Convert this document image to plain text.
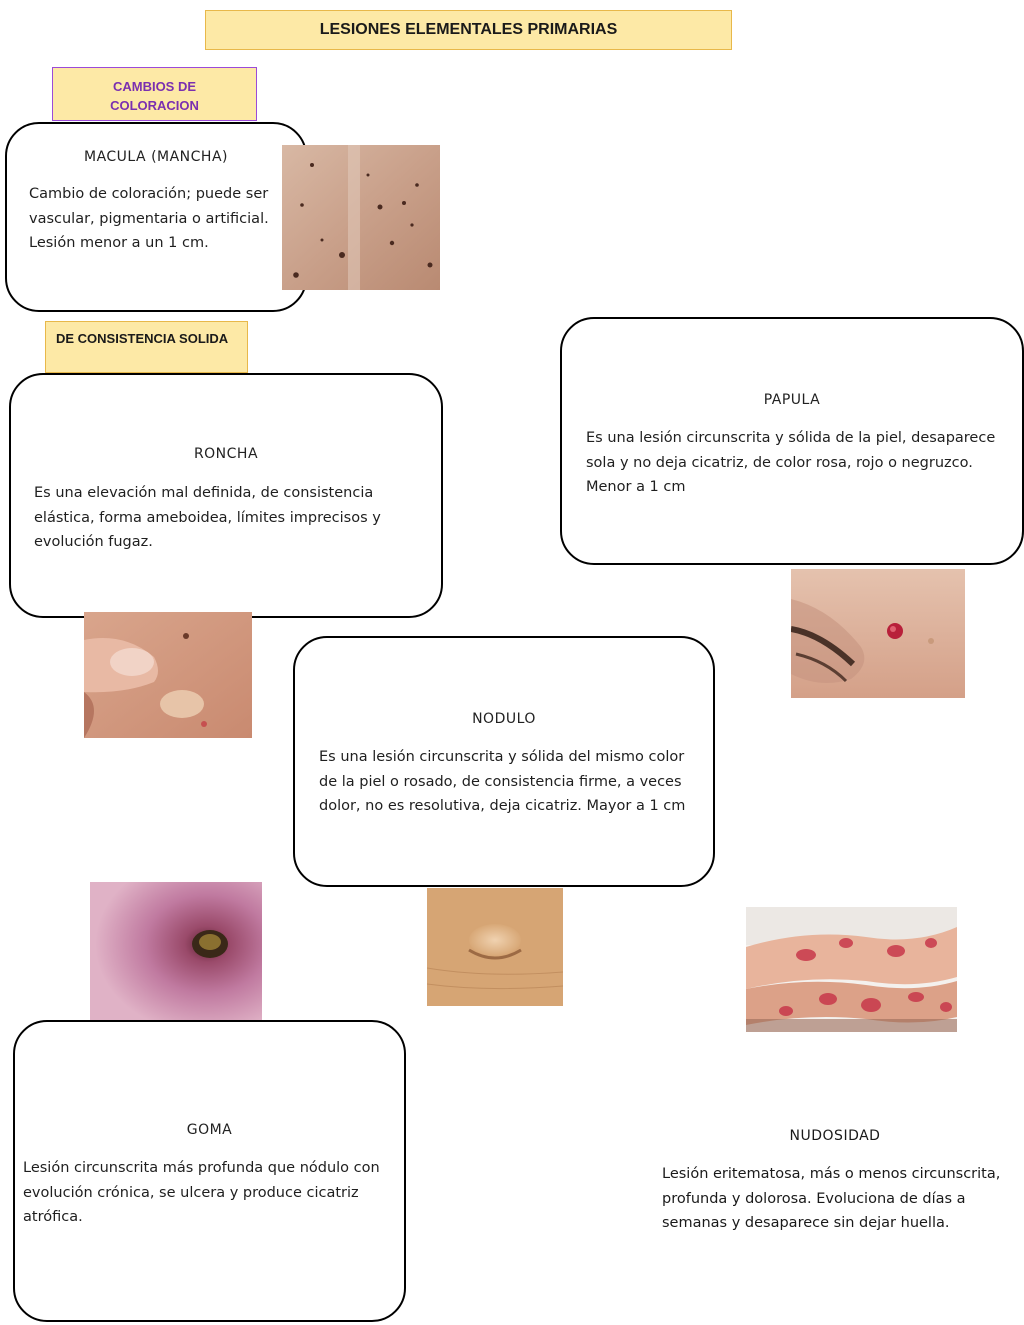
LESIONES ELEMENTALES PRIMARIAS
CAMBIOS DE COLORACION
MACULA (MANCHA)
Cambio de coloración; puede ser vascular, pigmentaria o artificial. Lesión menor a un 1 cm.
DE CONSISTENCIA SOLIDA
RONCHA
Es una elevación mal definida, de consistencia elástica, forma ameboidea, límites imprecisos y evolución fugaz.
PAPULA
Es una lesión circunscrita y sólida de la piel, desaparece sola y no deja cicatriz, de color rosa, rojo o negruzco. Menor a 1 cm
NODULO
Es una lesión circunscrita y sólida del mismo color de la piel o rosado, de consistencia firme, a veces dolor, no es resolutiva, deja cicatriz. Mayor a 1 cm
GOMA
Lesión circunscrita más profunda que nódulo con evolución crónica, se ulcera y produce cicatriz atrófica.
NUDOSIDAD
Lesión eritematosa, más o menos circunscrita, profunda y dolorosa. Evoluciona de días a semanas y desaparece sin dejar huella.
